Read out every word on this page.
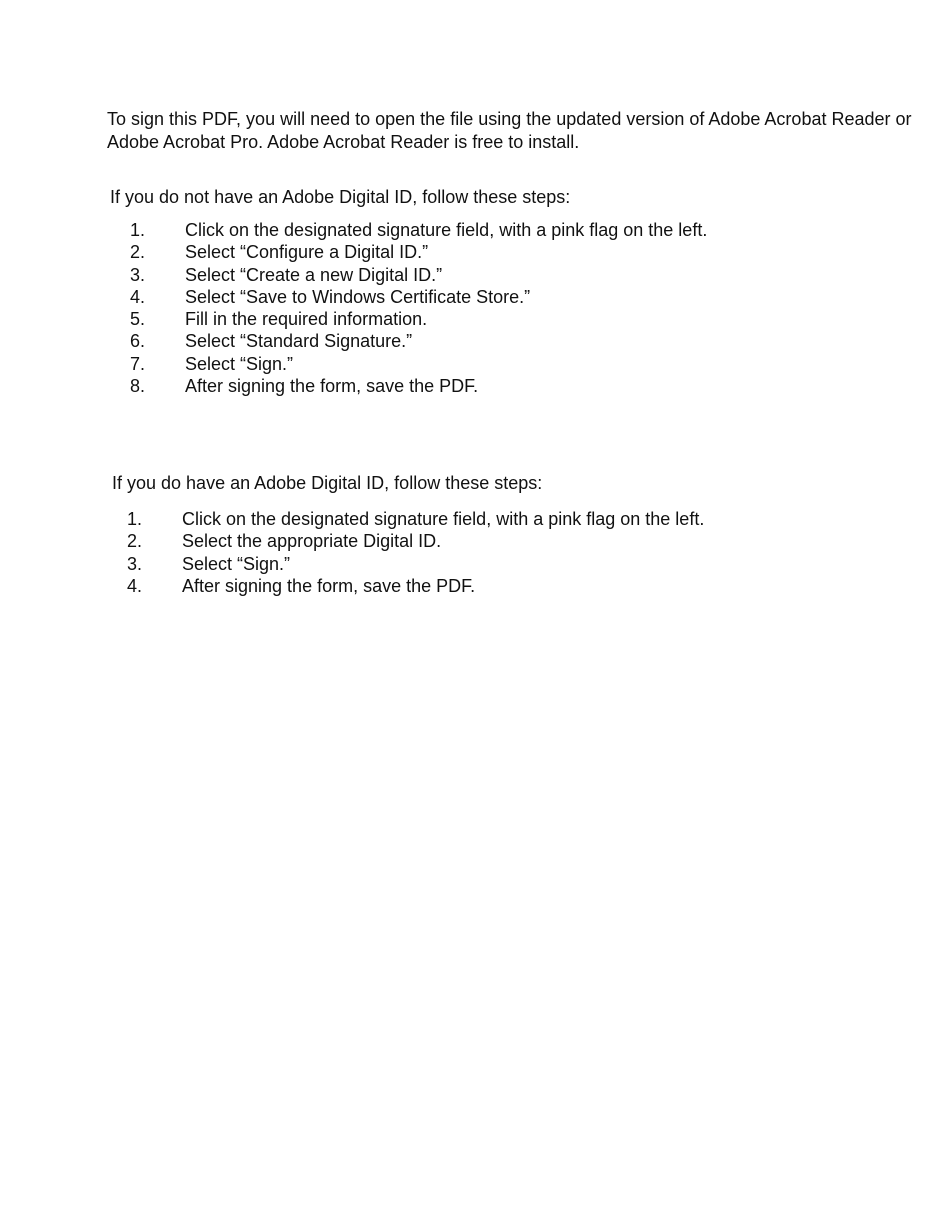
To sign this PDF, you will need to open the file using the updated version of Adobe Acrobat Reader or Adobe Acrobat Pro. Adobe Acrobat Reader is free to install.

If you do not have an Adobe Digital ID, follow these steps:

1.	Click on the designated signature field, with a pink flag on the left.
2.	Select “Configure a Digital ID.”
3.	Select “Create a new Digital ID.”
4.	Select “Save to Windows Certificate Store.”
5.	Fill in the required information.
6.	Select “Standard Signature.”
7.	Select “Sign.”
8.	After signing the form, save the PDF.

If you do have an Adobe Digital ID, follow these steps:

1.	Click on the designated signature field, with a pink flag on the left.
2.	Select the appropriate Digital ID.
3.	Select “Sign.”
4.	After signing the form, save the PDF.
